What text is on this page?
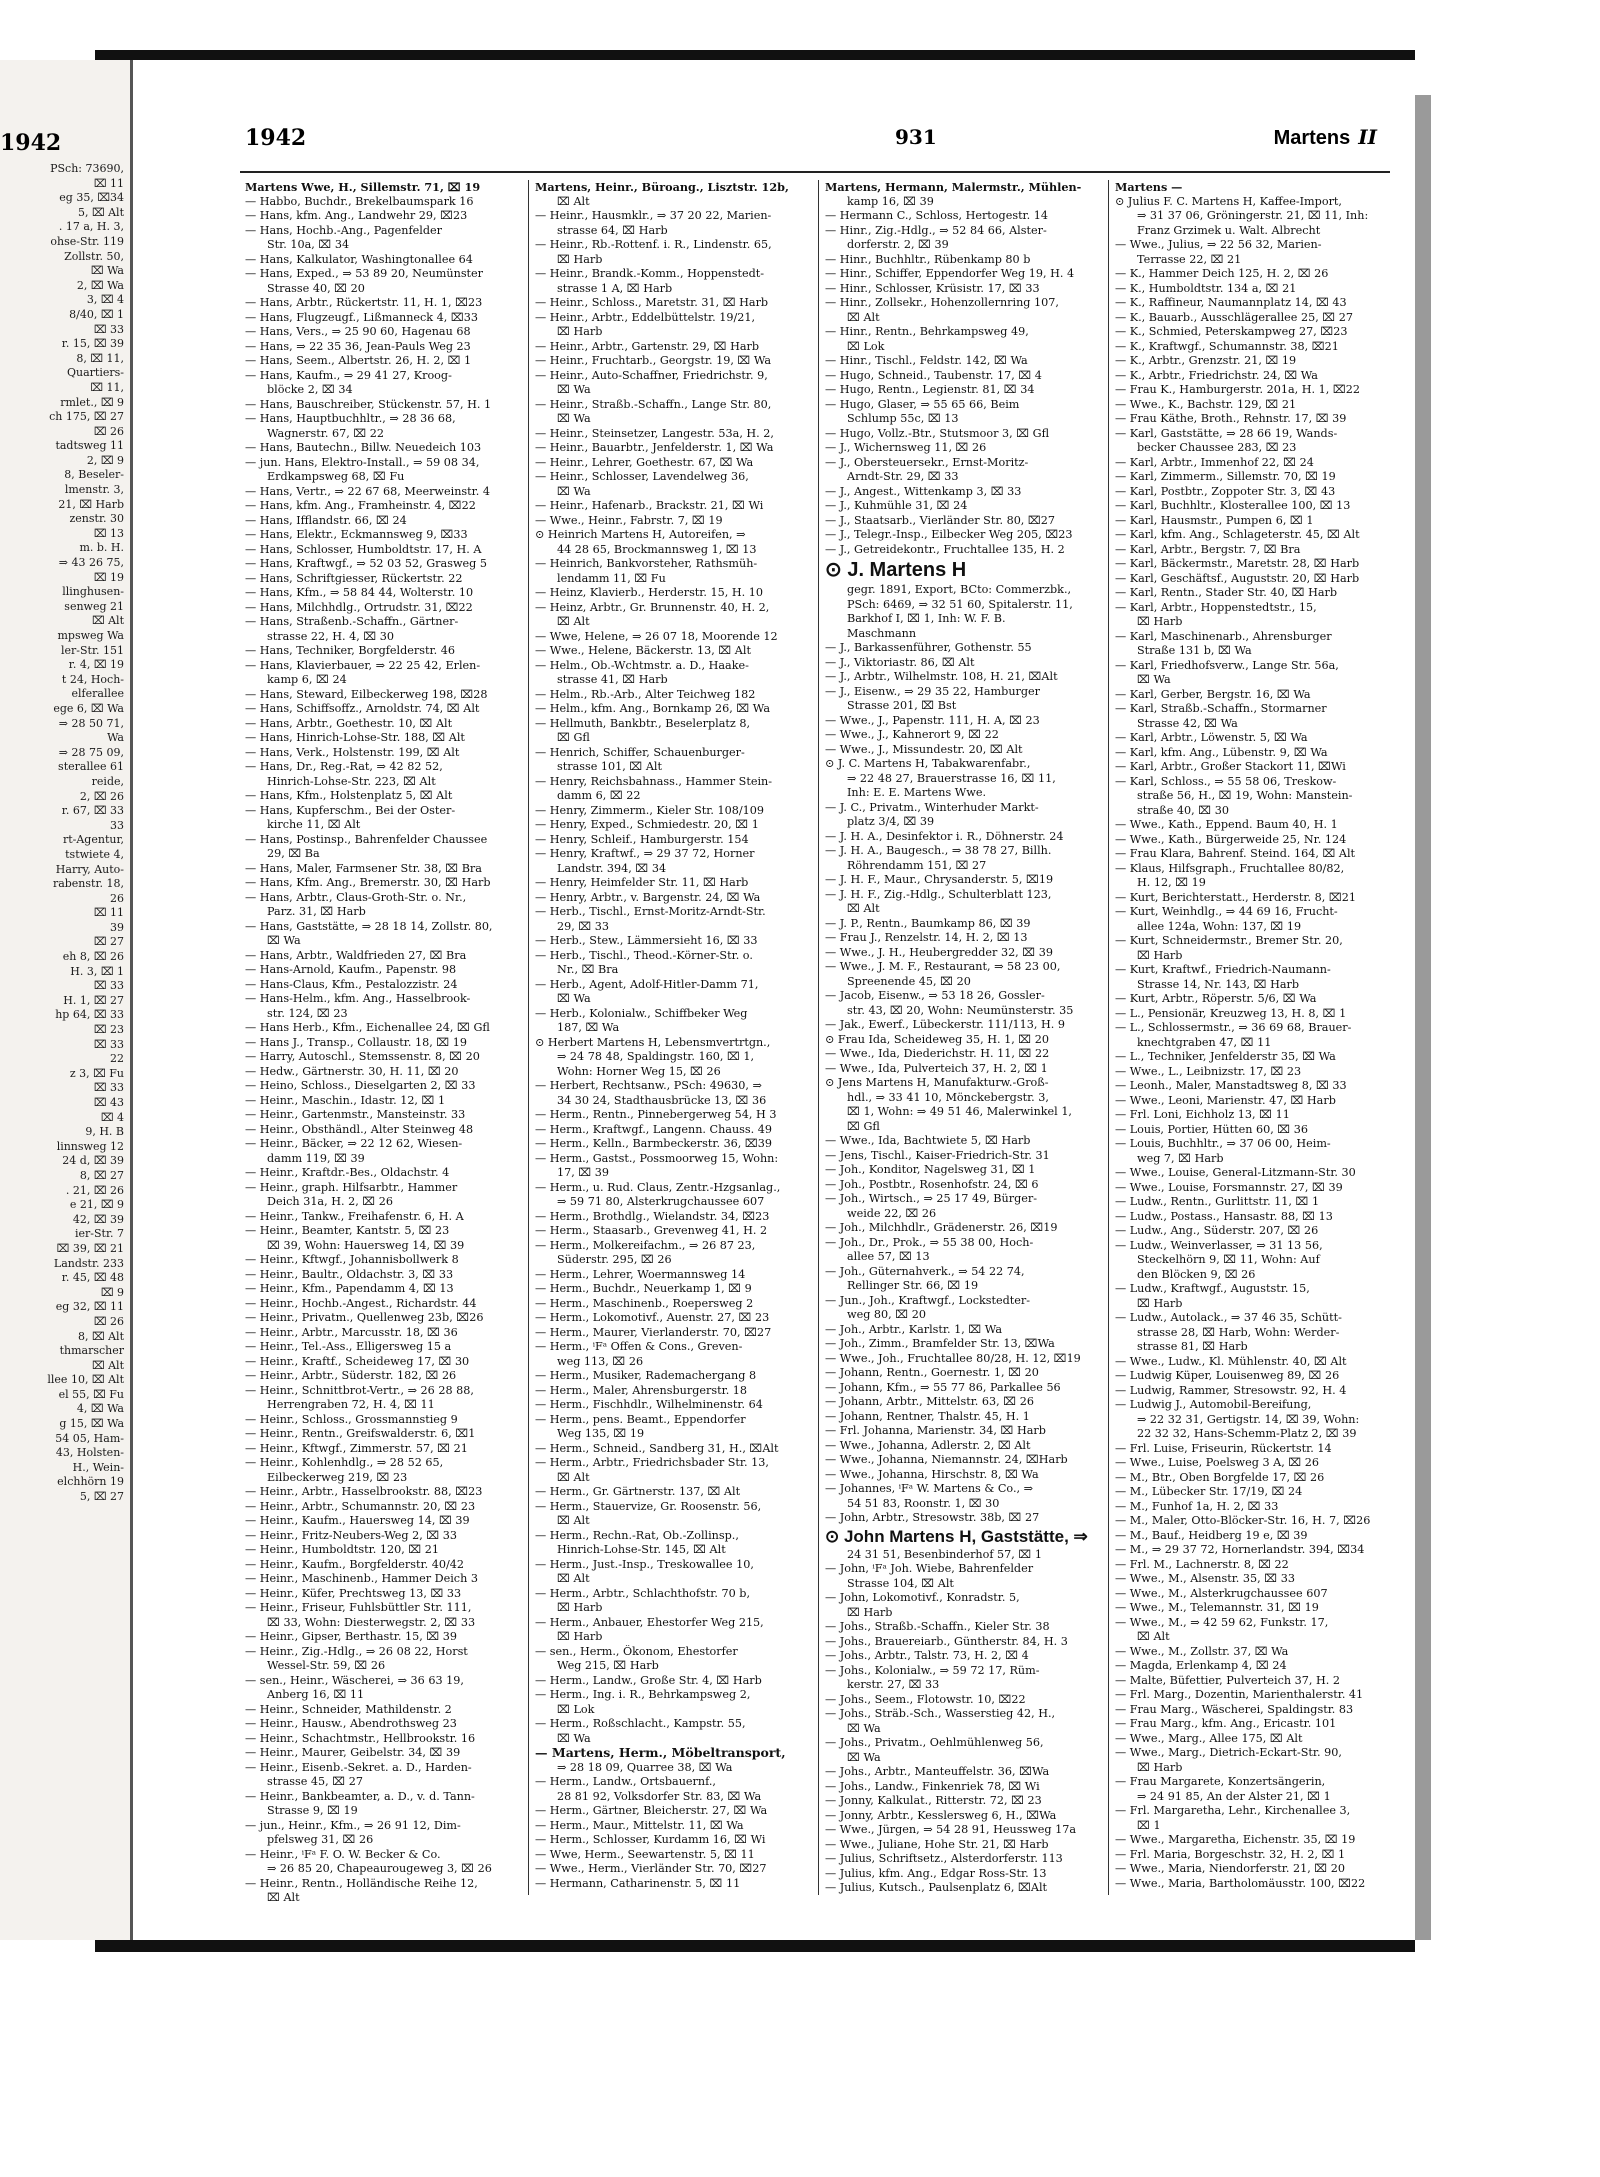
1942
PSch: 73690,
⌧ 11
eg 35, ⌧34
5, ⌧ Alt
. 17 a, H. 3,
ohse-Str. 119
Zollstr. 50,
⌧ Wa
2, ⌧ Wa
3, ⌧ 4
8/40, ⌧ 1
⌧ 33
r. 15, ⌧ 39
8, ⌧ 11,
Quartiers-
⌧ 11,
rmlet., ⌧ 9
ch 175, ⌧ 27
⌧ 26
tadtsweg 11
2, ⌧ 9
8, Beseler-
lmenstr. 3,
21, ⌧ Harb
zenstr. 30
⌧ 13
m. b. H.
⇒ 43 26 75,
⌧ 19
llinghusen-
senweg 21
⌧ Alt
mpsweg Wa
ler-Str. 151
r. 4, ⌧ 19
t 24, Hoch-
elferallee
ege 6, ⌧ Wa
⇒ 28 50 71,
Wa
⇒ 28 75 09,
sterallee 61
reide,
2, ⌧ 26
r. 67, ⌧ 33
33
rt-Agentur,
tstwiete 4,
Harry, Auto-
rabenstr. 18,
26
⌧ 11
39
⌧ 27
eh 8, ⌧ 26
H. 3, ⌧ 1
⌧ 33
H. 1, ⌧ 27
hp 64, ⌧ 33
⌧ 23
⌧ 33
22
z 3, ⌧ Fu
⌧ 33
⌧ 43
⌧ 4
9, H. B
linnsweg 12
24 d, ⌧ 39
8, ⌧ 27
. 21, ⌧ 26
e 21, ⌧ 9
42, ⌧ 39
ier-Str. 7
⌧ 39, ⌧ 21
Landstr. 233
r. 45, ⌧ 48
⌧ 9
eg 32, ⌧ 11
⌧ 26
8, ⌧ Alt
thmarscher
⌧ Alt
llee 10, ⌧ Alt
el 55, ⌧ Fu
4, ⌧ Wa
g 15, ⌧ Wa
54 05, Ham-
43, Holsten-
H., Wein-
elchhörn 19
5, ⌧ 27
1942	931	Martens II
Martens Wwe, H., Sillemstr. 71, ⌧ 19
— Habbo, Buchdr., Brekelbaumspark 16
— Hans, kfm. Ang., Landwehr 29, ⌧23
— Hans, Hochb.-Ang., Pagenfelder
Str. 10a, ⌧ 34
— Hans, Kalkulator, Washingtonallee 64
— Hans, Exped., ⇒ 53 89 20, Neumünster
Strasse 40, ⌧ 20
— Hans, Arbtr., Rückertstr. 11, H. 1, ⌧23
— Hans, Flugzeugf., Lißmanneck 4, ⌧33
— Hans, Vers., ⇒ 25 90 60, Hagenau 68
— Hans, ⇒ 22 35 36, Jean-Pauls Weg 23
— Hans, Seem., Albertstr. 26, H. 2, ⌧ 1
— Hans, Kaufm., ⇒ 29 41 27, Kroog-
blöcke 2, ⌧ 34
— Hans, Bauschreiber, Stückenstr. 57, H. 1
— Hans, Hauptbuchhltr., ⇒ 28 36 68,
Wagnerstr. 67, ⌧ 22
— Hans, Bautechn., Billw. Neuedeich 103
— jun. Hans, Elektro-Install., ⇒ 59 08 34,
Erdkampsweg 68, ⌧ Fu
— Hans, Vertr., ⇒ 22 67 68, Meerweinstr. 4
— Hans, kfm. Ang., Framheinstr. 4, ⌧22
— Hans, Ifflandstr. 66, ⌧ 24
— Hans, Elektr., Eckmannsweg 9, ⌧33
— Hans, Schlosser, Humboldtstr. 17, H. A
— Hans, Kraftwgf., ⇒ 52 03 52, Grasweg 5
— Hans, Schriftgiesser, Rückertstr. 22
— Hans, Kfm., ⇒ 58 84 44, Wolterstr. 10
— Hans, Milchhdlg., Ortrudstr. 31, ⌧22
— Hans, Straßenb.-Schaffn., Gärtner-
strasse 22, H. 4, ⌧ 30
— Hans, Techniker, Borgfelderstr. 46
— Hans, Klavierbauer, ⇒ 22 25 42, Erlen-
kamp 6, ⌧ 24
— Hans, Steward, Eilbeckerweg 198, ⌧28
— Hans, Schiffsoffz., Arnoldstr. 74, ⌧ Alt
— Hans, Arbtr., Goethestr. 10, ⌧ Alt
— Hans, Hinrich-Lohse-Str. 188, ⌧ Alt
— Hans, Verk., Holstenstr. 199, ⌧ Alt
— Hans, Dr., Reg.-Rat, ⇒ 42 82 52,
Hinrich-Lohse-Str. 223, ⌧ Alt
— Hans, Kfm., Holstenplatz 5, ⌧ Alt
— Hans, Kupferschm., Bei der Oster-
kirche 11, ⌧ Alt
— Hans, Postinsp., Bahrenfelder Chaussee
29, ⌧ Ba
— Hans, Maler, Farmsener Str. 38, ⌧ Bra
— Hans, Kfm. Ang., Bremerstr. 30, ⌧ Harb
— Hans, Arbtr., Claus-Groth-Str. o. Nr.,
Parz. 31, ⌧ Harb
— Hans, Gaststätte, ⇒ 28 18 14, Zollstr. 80,
⌧ Wa
— Hans, Arbtr., Waldfrieden 27, ⌧ Bra
— Hans-Arnold, Kaufm., Papenstr. 98
— Hans-Claus, Kfm., Pestalozzistr. 24
— Hans-Helm., kfm. Ang., Hasselbrook-
str. 124, ⌧ 23
— Hans Herb., Kfm., Eichenallee 24, ⌧ Gfl
— Hans J., Transp., Collaustr. 18, ⌧ 19
— Harry, Autoschl., Stemssenstr. 8, ⌧ 20
— Hedw., Gärtnerstr. 30, H. 11, ⌧ 20
— Heino, Schloss., Dieselgarten 2, ⌧ 33
— Heinr., Maschin., Idastr. 12, ⌧ 1
— Heinr., Gartenmstr., Mansteinstr. 33
— Heinr., Obsthändl., Alter Steinweg 48
— Heinr., Bäcker, ⇒ 22 12 62, Wiesen-
damm 119, ⌧ 39
— Heinr., Kraftdr.-Bes., Oldachstr. 4
— Heinr., graph. Hilfsarbtr., Hammer
Deich 31a, H. 2, ⌧ 26
— Heinr., Tankw., Freihafenstr. 6, H. A
— Heinr., Beamter, Kantstr. 5, ⌧ 23
⌧ 39, Wohn: Hauersweg 14, ⌧ 39
— Heinr., Kftwgf., Johannisbollwerk 8
— Heinr., Baultr., Oldachstr. 3, ⌧ 33
— Heinr., Kfm., Papendamm 4, ⌧ 13
— Heinr., Hochb.-Angest., Richardstr. 44
— Heinr., Privatm., Quellenweg 23b, ⌧26
— Heinr., Arbtr., Marcusstr. 18, ⌧ 36
— Heinr., Tel.-Ass., Elligersweg 15 a
— Heinr., Kraftf., Scheideweg 17, ⌧ 30
— Heinr., Arbtr., Süderstr. 182, ⌧ 26
— Heinr., Schnittbrot-Vertr., ⇒ 26 28 88,
Herrengraben 72, H. 4, ⌧ 11
— Heinr., Schloss., Grossmannstieg 9
— Heinr., Rentn., Greifswalderstr. 6, ⌧1
— Heinr., Kftwgf., Zimmerstr. 57, ⌧ 21
— Heinr., Kohlenhdlg., ⇒ 28 52 65,
Eilbeckerweg 219, ⌧ 23
— Heinr., Arbtr., Hasselbrookstr. 88, ⌧23
— Heinr., Arbtr., Schumannstr. 20, ⌧ 23
— Heinr., Kaufm., Hauersweg 14, ⌧ 39
— Heinr., Fritz-Neubers-Weg 2, ⌧ 33
— Heinr., Humboldtstr. 120, ⌧ 21
— Heinr., Kaufm., Borgfelderstr. 40/42
— Heinr., Maschinenb., Hammer Deich 3
— Heinr., Küfer, Prechtsweg 13, ⌧ 33
— Heinr., Friseur, Fuhlsbüttler Str. 111,
⌧ 33, Wohn: Diesterwegstr. 2, ⌧ 33
— Heinr., Gipser, Berthastr. 15, ⌧ 39
— Heinr., Zig.-Hdlg., ⇒ 26 08 22, Horst
Wessel-Str. 59, ⌧ 26
— sen., Heinr., Wäscherei, ⇒ 36 63 19,
Anberg 16, ⌧ 11
— Heinr., Schneider, Mathildenstr. 2
— Heinr., Hausw., Abendrothsweg 23
— Heinr., Schachtmstr., Hellbrookstr. 16
— Heinr., Maurer, Geibelstr. 34, ⌧ 39
— Heinr., Eisenb.-Sekret. a. D., Harden-
strasse 45, ⌧ 27
— Heinr., Bankbeamter, a. D., v. d. Tann-
Strasse 9, ⌧ 19
— jun., Heinr., Kfm., ⇒ 26 91 12, Dim-
pfelsweg 31, ⌧ 26
— Heinr., ⁱFᵃ F. O. W. Becker & Co.
⇒ 26 85 20, Chapeaurougeweg 3, ⌧ 26
— Heinr., Rentn., Holländische Reihe 12,
⌧ Alt
Martens, Heinr., Büroang., Lisztstr. 12b,
⌧ Alt
— Heinr., Hausmklr., ⇒ 37 20 22, Marien-
strasse 64, ⌧ Harb
— Heinr., Rb.-Rottenf. i. R., Lindenstr. 65,
⌧ Harb
— Heinr., Brandk.-Komm., Hoppenstedt-
strasse 1 A, ⌧ Harb
— Heinr., Schloss., Maretstr. 31, ⌧ Harb
— Heinr., Arbtr., Eddelbüttelstr. 19/21,
⌧ Harb
— Heinr., Arbtr., Gartenstr. 29, ⌧ Harb
— Heinr., Fruchtarb., Georgstr. 19, ⌧ Wa
— Heinr., Auto-Schaffner, Friedrichstr. 9,
⌧ Wa
— Heinr., Straßb.-Schaffn., Lange Str. 80,
⌧ Wa
— Heinr., Steinsetzer, Langestr. 53a, H. 2,
— Heinr., Bauarbtr., Jenfelderstr. 1, ⌧ Wa
— Heinr., Lehrer, Goethestr. 67, ⌧ Wa
— Heinr., Schlosser, Lavendelweg 36,
⌧ Wa
— Heinr., Hafenarb., Brackstr. 21, ⌧ Wi
— Wwe., Heinr., Fabrstr. 7, ⌧ 19
⊙ Heinrich Martens H, Autoreifen, ⇒
44 28 65, Brockmannsweg 1, ⌧ 13
— Heinrich, Bankvorsteher, Rathsmüh-
lendamm 11, ⌧ Fu
— Heinz, Klavierb., Herderstr. 15, H. 10
— Heinz, Arbtr., Gr. Brunnenstr. 40, H. 2,
⌧ Alt
— Wwe, Helene, ⇒ 26 07 18, Moorende 12
— Wwe., Helene, Bäckerstr. 13, ⌧ Alt
— Helm., Ob.-Wchtmstr. a. D., Haake-
strasse 41, ⌧ Harb
— Helm., Rb.-Arb., Alter Teichweg 182
— Helm., kfm. Ang., Bornkamp 26, ⌧ Wa
— Hellmuth, Bankbtr., Beselerplatz 8,
⌧ Gfl
— Henrich, Schiffer, Schauenburger-
strasse 101, ⌧ Alt
— Henry, Reichsbahnass., Hammer Stein-
damm 6, ⌧ 22
— Henry, Zimmerm., Kieler Str. 108/109
— Henry, Exped., Schmiedestr. 20, ⌧ 1
— Henry, Schleif., Hamburgerstr. 154
— Henry, Kraftwf., ⇒ 29 37 72, Horner
Landstr. 394, ⌧ 34
— Henry, Heimfelder Str. 11, ⌧ Harb
— Henry, Arbtr., v. Bargenstr. 24, ⌧ Wa
— Herb., Tischl., Ernst-Moritz-Arndt-Str.
29, ⌧ 33
— Herb., Stew., Lämmersieht 16, ⌧ 33
— Herb., Tischl., Theod.-Körner-Str. o.
Nr., ⌧ Bra
— Herb., Agent, Adolf-Hitler-Damm 71,
⌧ Wa
— Herb., Kolonialw., Schiffbeker Weg
187, ⌧ Wa
⊙ Herbert Martens H, Lebensmvertrtgn.,
⇒ 24 78 48, Spaldingstr. 160, ⌧ 1,
Wohn: Horner Weg 15, ⌧ 26
— Herbert, Rechtsanw., PSch: 49630, ⇒
34 30 24, Stadthausbrücke 13, ⌧ 36
— Herm., Rentn., Pinnebergerweg 54, H 3
— Herm., Kraftwgf., Langenn. Chauss. 49
— Herm., Kelln., Barmbeckerstr. 36, ⌧39
— Herm., Gastst., Possmoorweg 15, Wohn:
17, ⌧ 39
— Herm., u. Rud. Claus, Zentr.-Hzgsanlag.,
⇒ 59 71 80, Alsterkrugchaussee 607
— Herm., Brothdlg., Wielandstr. 34, ⌧23
— Herm., Staasarb., Grevenweg 41, H. 2
— Herm., Molkereifachm., ⇒ 26 87 23,
Süderstr. 295, ⌧ 26
— Herm., Lehrer, Woermannsweg 14
— Herm., Buchdr., Neuerkamp 1, ⌧ 9
— Herm., Maschinenb., Roepersweg 2
— Herm., Lokomotivf., Auenstr. 27, ⌧ 23
— Herm., Maurer, Vierlanderstr. 70, ⌧27
— Herm., ⁱFᵃ Offen & Cons., Greven-
weg 113, ⌧ 26
— Herm., Musiker, Rademachergang 8
— Herm., Maler, Ahrensburgerstr. 18
— Herm., Fischhdlr., Wilhelminenstr. 64
— Herm., pens. Beamt., Eppendorfer
Weg 135, ⌧ 19
— Herm., Schneid., Sandberg 31, H., ⌧Alt
— Herm., Arbtr., Friedrichsbader Str. 13,
⌧ Alt
— Herm., Gr. Gärtnerstr. 137, ⌧ Alt
— Herm., Stauervize, Gr. Roosenstr. 56,
⌧ Alt
— Herm., Rechn.-Rat, Ob.-Zollinsp.,
Hinrich-Lohse-Str. 145, ⌧ Alt
— Herm., Just.-Insp., Treskowallee 10,
⌧ Alt
— Herm., Arbtr., Schlachthofstr. 70 b,
⌧ Harb
— Herm., Anbauer, Ehestorfer Weg 215,
⌧ Harb
— sen., Herm., Ökonom, Ehestorfer
Weg 215, ⌧ Harb
— Herm., Landw., Große Str. 4, ⌧ Harb
— Herm., Ing. i. R., Behrkampsweg 2,
⌧ Lok
— Herm., Roßschlacht., Kampstr. 55,
⌧ Wa
— Martens, Herm., Möbeltransport,
⇒ 28 18 09, Quarree 38, ⌧ Wa
— Herm., Landw., Ortsbauernf.,
28 81 92, Volksdorfer Str. 83, ⌧ Wa
— Herm., Gärtner, Bleicherstr. 27, ⌧ Wa
— Herm., Maur., Mittelstr. 11, ⌧ Wa
— Herm., Schlosser, Kurdamm 16, ⌧ Wi
— Wwe, Herm., Seewartenstr. 5, ⌧ 11
— Wwe., Herm., Vierländer Str. 70, ⌧27
— Hermann, Catharinenstr. 5, ⌧ 11
Martens, Hermann, Malermstr., Mühlen-
kamp 16, ⌧ 39
— Hermann C., Schloss, Hertogestr. 14
— Hinr., Zig.-Hdlg., ⇒ 52 84 66, Alster-
dorferstr. 2, ⌧ 39
— Hinr., Buchhltr., Rübenkamp 80 b
— Hinr., Schiffer, Eppendorfer Weg 19, H. 4
— Hinr., Schlosser, Krüsistr. 17, ⌧ 33
— Hinr., Zollsekr., Hohenzollernring 107,
⌧ Alt
— Hinr., Rentn., Behrkampsweg 49,
⌧ Lok
— Hinr., Tischl., Feldstr. 142, ⌧ Wa
— Hugo, Schneid., Taubenstr. 17, ⌧ 4
— Hugo, Rentn., Legienstr. 81, ⌧ 34
— Hugo, Glaser, ⇒ 55 65 66, Beim
Schlump 55c, ⌧ 13
— Hugo, Vollz.-Btr., Stutsmoor 3, ⌧ Gfl
— J., Wichernsweg 11, ⌧ 26
— J., Obersteuersekr., Ernst-Moritz-
Arndt-Str. 29, ⌧ 33
— J., Angest., Wittenkamp 3, ⌧ 33
— J., Kuhmühle 31, ⌧ 24
— J., Staatsarb., Vierländer Str. 80, ⌧27
— J., Telegr.-Insp., Eilbecker Weg 205, ⌧23
— J., Getreidekontr., Fruchtallee 135, H. 2
⊙ J. Martens H
gegr. 1891, Export, BCto: Commerzbk.,
PSch: 6469, ⇒ 32 51 60, Spitalerstr. 11,
Barkhof I, ⌧ 1, Inh: W. F. B.
Maschmann
— J., Barkassenführer, Gothenstr. 55
— J., Viktoriastr. 86, ⌧ Alt
— J., Arbtr., Wilhelmstr. 108, H. 21, ⌧Alt
— J., Eisenw., ⇒ 29 35 22, Hamburger
Strasse 201, ⌧ Bst
— Wwe., J., Papenstr. 111, H. A, ⌧ 23
— Wwe., J., Kahnerort 9, ⌧ 22
— Wwe., J., Missundestr. 20, ⌧ Alt
⊙ J. C. Martens H, Tabakwarenfabr.,
⇒ 22 48 27, Brauerstrasse 16, ⌧ 11,
Inh: E. E. Martens Wwe.
— J. C., Privatm., Winterhuder Markt-
platz 3/4, ⌧ 39
— J. H. A., Desinfektor i. R., Döhnerstr. 24
— J. H. A., Baugesch., ⇒ 38 78 27, Billh.
Röhrendamm 151, ⌧ 27
— J. H. F., Maur., Chrysanderstr. 5, ⌧19
— J. H. F., Zig.-Hdlg., Schulterblatt 123,
⌧ Alt
— J. P., Rentn., Baumkamp 86, ⌧ 39
— Frau J., Renzelstr. 14, H. 2, ⌧ 13
— Wwe., J. H., Heubergredder 32, ⌧ 39
— Wwe., J. M. F., Restaurant, ⇒ 58 23 00,
Spreenende 45, ⌧ 20
— Jacob, Eisenw., ⇒ 53 18 26, Gossler-
str. 43, ⌧ 20, Wohn: Neumünsterstr. 35
— Jak., Ewerf., Lübeckerstr. 111/113, H. 9
⊙ Frau Ida, Scheideweg 35, H. 1, ⌧ 20
— Wwe., Ida, Diederichstr. H. 11, ⌧ 22
— Wwe., Ida, Pulverteich 37, H. 2, ⌧ 1
⊙ Jens Martens H, Manufakturw.-Groß-
hdl., ⇒ 33 41 10, Mönckebergstr. 3,
⌧ 1, Wohn: ⇒ 49 51 46, Malerwinkel 1,
⌧ Gfl
— Wwe., Ida, Bachtwiete 5, ⌧ Harb
— Jens, Tischl., Kaiser-Friedrich-Str. 31
— Joh., Konditor, Nagelsweg 31, ⌧ 1
— Joh., Postbtr., Rosenhofstr. 24, ⌧ 6
— Joh., Wirtsch., ⇒ 25 17 49, Bürger-
weide 22, ⌧ 26
— Joh., Milchhdlr., Grädenerstr. 26, ⌧19
— Joh., Dr., Prok., ⇒ 55 38 00, Hoch-
allee 57, ⌧ 13
— Joh., Güternahverk., ⇒ 54 22 74,
Rellinger Str. 66, ⌧ 19
— Jun., Joh., Kraftwgf., Lockstedter-
weg 80, ⌧ 20
— Joh., Arbtr., Karlstr. 1, ⌧ Wa
— Joh., Zimm., Bramfelder Str. 13, ⌧Wa
— Wwe., Joh., Fruchtallee 80/28, H. 12, ⌧19
— Johann, Rentn., Goernestr. 1, ⌧ 20
— Johann, Kfm., ⇒ 55 77 86, Parkallee 56
— Johann, Arbtr., Mittelstr. 63, ⌧ 26
— Johann, Rentner, Thalstr. 45, H. 1
— Frl. Johanna, Marienstr. 34, ⌧ Harb
— Wwe., Johanna, Adlerstr. 2, ⌧ Alt
— Wwe., Johanna, Niemannstr. 24, ⌧Harb
— Wwe., Johanna, Hirschstr. 8, ⌧ Wa
— Johannes, ⁱFᵃ W. Martens & Co., ⇒
54 51 83, Roonstr. 1, ⌧ 30
— John, Arbtr., Stresowstr. 38b, ⌧ 27
⊙ John Martens H, Gaststätte, ⇒
24 31 51, Besenbinderhof 57, ⌧ 1
— John, ⁱFᵃ Joh. Wiebe, Bahrenfelder
Strasse 104, ⌧ Alt
— John, Lokomotivf., Konradstr. 5,
⌧ Harb
— Johs., Straßb.-Schaffn., Kieler Str. 38
— Johs., Brauereiarb., Güntherstr. 84, H. 3
— Johs., Arbtr., Talstr. 73, H. 2, ⌧ 4
— Johs., Kolonialw., ⇒ 59 72 17, Rüm-
kerstr. 27, ⌧ 33
— Johs., Seem., Flotowstr. 10, ⌧22
— Johs., Sträb.-Sch., Wasserstieg 42, H.,
⌧ Wa
— Johs., Privatm., Oehlmühlenweg 56,
⌧ Wa
— Johs., Arbtr., Manteuffelstr. 36, ⌧Wa
— Johs., Landw., Finkenriek 78, ⌧ Wi
— Jonny, Kalkulat., Ritterstr. 72, ⌧ 23
— Jonny, Arbtr., Kesslersweg 6, H., ⌧Wa
— Wwe., Jürgen, ⇒ 54 28 91, Heussweg 17a
— Wwe., Juliane, Hohe Str. 21, ⌧ Harb
— Julius, Schriftsetz., Alsterdorferstr. 113
— Julius, kfm. Ang., Edgar Ross-Str. 13
— Julius, Kutsch., Paulsenplatz 6, ⌧Alt
Martens —
⊙ Julius F. C. Martens H, Kaffee-Import,
⇒ 31 37 06, Gröningerstr. 21, ⌧ 11, Inh:
Franz Grzimek u. Walt. Albrecht
— Wwe., Julius, ⇒ 22 56 32, Marien-
Terrasse 22, ⌧ 21
— K., Hammer Deich 125, H. 2, ⌧ 26
— K., Humboldtstr. 134 a, ⌧ 21
— K., Raffineur, Naumannplatz 14, ⌧ 43
— K., Bauarb., Ausschlägerallee 25, ⌧ 27
— K., Schmied, Peterskampweg 27, ⌧23
— K., Kraftwgf., Schumannstr. 38, ⌧21
— K., Arbtr., Grenzstr. 21, ⌧ 19
— K., Arbtr., Friedrichstr. 24, ⌧ Wa
— Frau K., Hamburgerstr. 201a, H. 1, ⌧22
— Wwe., K., Bachstr. 129, ⌧ 21
— Frau Käthe, Broth., Rehnstr. 17, ⌧ 39
— Karl, Gaststätte, ⇒ 28 66 19, Wands-
becker Chaussee 283, ⌧ 23
— Karl, Arbtr., Immenhof 22, ⌧ 24
— Karl, Zimmerm., Sillemstr. 70, ⌧ 19
— Karl, Postbtr., Zoppoter Str. 3, ⌧ 43
— Karl, Buchhltr., Klosterallee 100, ⌧ 13
— Karl, Hausmstr., Pumpen 6, ⌧ 1
— Karl, kfm. Ang., Schlageterstr. 45, ⌧ Alt
— Karl, Arbtr., Bergstr. 7, ⌧ Bra
— Karl, Bäckermstr., Maretstr. 28, ⌧ Harb
— Karl, Geschäftsf., Auguststr. 20, ⌧ Harb
— Karl, Rentn., Stader Str. 40, ⌧ Harb
— Karl, Arbtr., Hoppenstedtstr., 15,
⌧ Harb
— Karl, Maschinenarb., Ahrensburger
Straße 131 b, ⌧ Wa
— Karl, Friedhofsverw., Lange Str. 56a,
⌧ Wa
— Karl, Gerber, Bergstr. 16, ⌧ Wa
— Karl, Straßb.-Schaffn., Stormarner
Strasse 42, ⌧ Wa
— Karl, Arbtr., Löwenstr. 5, ⌧ Wa
— Karl, kfm. Ang., Lübenstr. 9, ⌧ Wa
— Karl, Arbtr., Großer Stackort 11, ⌧Wi
— Karl, Schloss., ⇒ 55 58 06, Treskow-
straße 56, H., ⌧ 19, Wohn: Manstein-
straße 40, ⌧ 30
— Wwe., Kath., Eppend. Baum 40, H. 1
— Wwe., Kath., Bürgerweide 25, Nr. 124
— Frau Klara, Bahrenf. Steind. 164, ⌧ Alt
— Klaus, Hilfsgraph., Fruchtallee 80/82,
H. 12, ⌧ 19
— Kurt, Berichterstatt., Herderstr. 8, ⌧21
— Kurt, Weinhdlg., ⇒ 44 69 16, Frucht-
allee 124a, Wohn: 137, ⌧ 19
— Kurt, Schneidermstr., Bremer Str. 20,
⌧ Harb
— Kurt, Kraftwf., Friedrich-Naumann-
Strasse 14, Nr. 143, ⌧ Harb
— Kurt, Arbtr., Röperstr. 5/6, ⌧ Wa
— L., Pensionär, Kreuzweg 13, H. 8, ⌧ 1
— L., Schlossermstr., ⇒ 36 69 68, Brauer-
knechtgraben 47, ⌧ 11
— L., Techniker, Jenfelderstr 35, ⌧ Wa
— Wwe., L., Leibnizstr. 17, ⌧ 23
— Leonh., Maler, Manstadtsweg 8, ⌧ 33
— Wwe., Leoni, Marienstr. 47, ⌧ Harb
— Frl. Loni, Eichholz 13, ⌧ 11
— Louis, Portier, Hütten 60, ⌧ 36
— Louis, Buchhltr., ⇒ 37 06 00, Heim-
weg 7, ⌧ Harb
— Wwe., Louise, General-Litzmann-Str. 30
— Wwe., Louise, Forsmannstr. 27, ⌧ 39
— Ludw., Rentn., Gurlittstr. 11, ⌧ 1
— Ludw., Postass., Hansastr. 88, ⌧ 13
— Ludw., Ang., Süderstr. 207, ⌧ 26
— Ludw., Weinverlasser, ⇒ 31 13 56,
Steckelhörn 9, ⌧ 11, Wohn: Auf
den Blöcken 9, ⌧ 26
— Ludw., Kraftwgf., Auguststr. 15,
⌧ Harb
— Ludw., Autolack., ⇒ 37 46 35, Schütt-
strasse 28, ⌧ Harb, Wohn: Werder-
strasse 81, ⌧ Harb
— Wwe., Ludw., Kl. Mühlenstr. 40, ⌧ Alt
— Ludwig Küper, Louisenweg 89, ⌧ 26
— Ludwig, Rammer, Stresowstr. 92, H. 4
— Ludwig J., Automobil-Bereifung,
⇒ 22 32 31, Gertigstr. 14, ⌧ 39, Wohn:
22 32 32, Hans-Schemm-Platz 2, ⌧ 39
— Frl. Luise, Friseurin, Rückertstr. 14
— Wwe., Luise, Poelsweg 3 A, ⌧ 26
— M., Btr., Oben Borgfelde 17, ⌧ 26
— M., Lübecker Str. 17/19, ⌧ 24
— M., Funhof 1a, H. 2, ⌧ 33
— M., Maler, Otto-Blöcker-Str. 16, H. 7, ⌧26
— M., Bauf., Heidberg 19 e, ⌧ 39
— M., ⇒ 29 37 72, Hornerlandstr. 394, ⌧34
— Frl. M., Lachnerstr. 8, ⌧ 22
— Wwe., M., Alsenstr. 35, ⌧ 33
— Wwe., M., Alsterkrugchaussee 607
— Wwe., M., Telemannstr. 31, ⌧ 19
— Wwe., M., ⇒ 42 59 62, Funkstr. 17,
⌧ Alt
— Wwe., M., Zollstr. 37, ⌧ Wa
— Magda, Erlenkamp 4, ⌧ 24
— Malte, Büfettier, Pulverteich 37, H. 2
— Frl. Marg., Dozentin, Marienthalerstr. 41
— Frau Marg., Wäscherei, Spaldingstr. 83
— Frau Marg., kfm. Ang., Ericastr. 101
— Wwe., Marg., Allee 175, ⌧ Alt
— Wwe., Marg., Dietrich-Eckart-Str. 90,
⌧ Harb
— Frau Margarete, Konzertsängerin,
⇒ 24 91 85, An der Alster 21, ⌧ 1
— Frl. Margaretha, Lehr., Kirchenallee 3,
⌧ 1
— Wwe., Margaretha, Eichenstr. 35, ⌧ 19
— Frl. Maria, Borgeschstr. 32, H. 2, ⌧ 1
— Wwe., Maria, Niendorferstr. 21, ⌧ 20
— Wwe., Maria, Bartholomäusstr. 100, ⌧22
